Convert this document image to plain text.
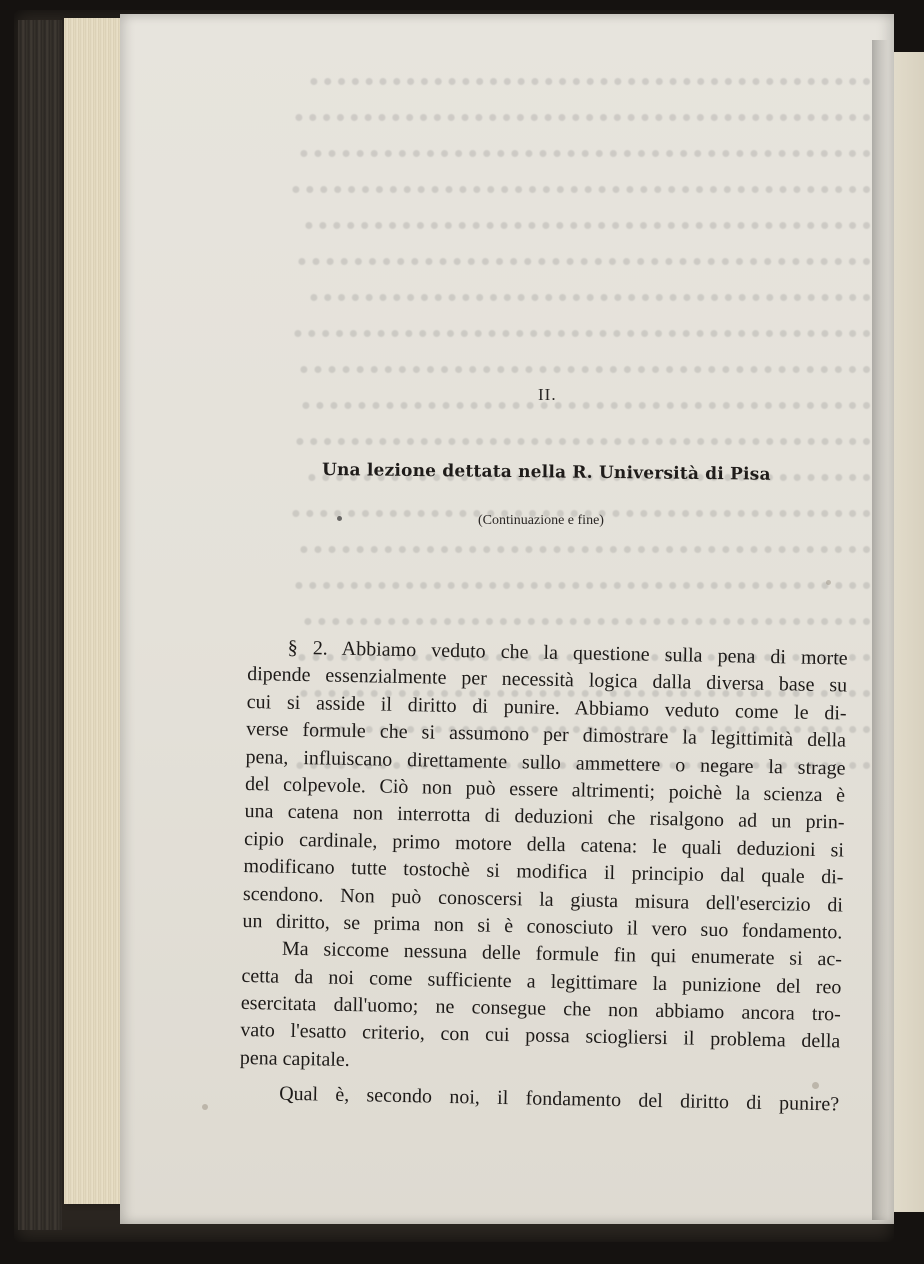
II.
Una lezione dettata nella R. Università di Pisa
(Continuazione e fine)
§ 2. Abbiamo veduto che la questione sulla pena di morte
dipende essenzialmente per necessità logica dalla diversa base su
cui si asside il diritto di punire. Abbiamo veduto come le di-
verse formule che si assumono per dimostrare la legittimità della
pena, influiscano direttamente sullo ammettere o negare la strage
del colpevole. Ciò non può essere altrimenti; poichè la scienza è
una catena non interrotta di deduzioni che risalgono ad un prin-
cipio cardinale, primo motore della catena: le quali deduzioni si
modificano tutte tostochè si modifica il principio dal quale di-
scendono. Non può conoscersi la giusta misura dell'esercizio di
un diritto, se prima non si è conosciuto il vero suo fondamento.
Ma siccome nessuna delle formule fin qui enumerate si ac-
cetta da noi come sufficiente a legittimare la punizione del reo
esercitata dall'uomo; ne consegue che non abbiamo ancora tro-
vato l'esatto criterio, con cui possa sciogliersi il problema della
pena capitale.
Qual è, secondo noi, il fondamento del diritto di punire?
